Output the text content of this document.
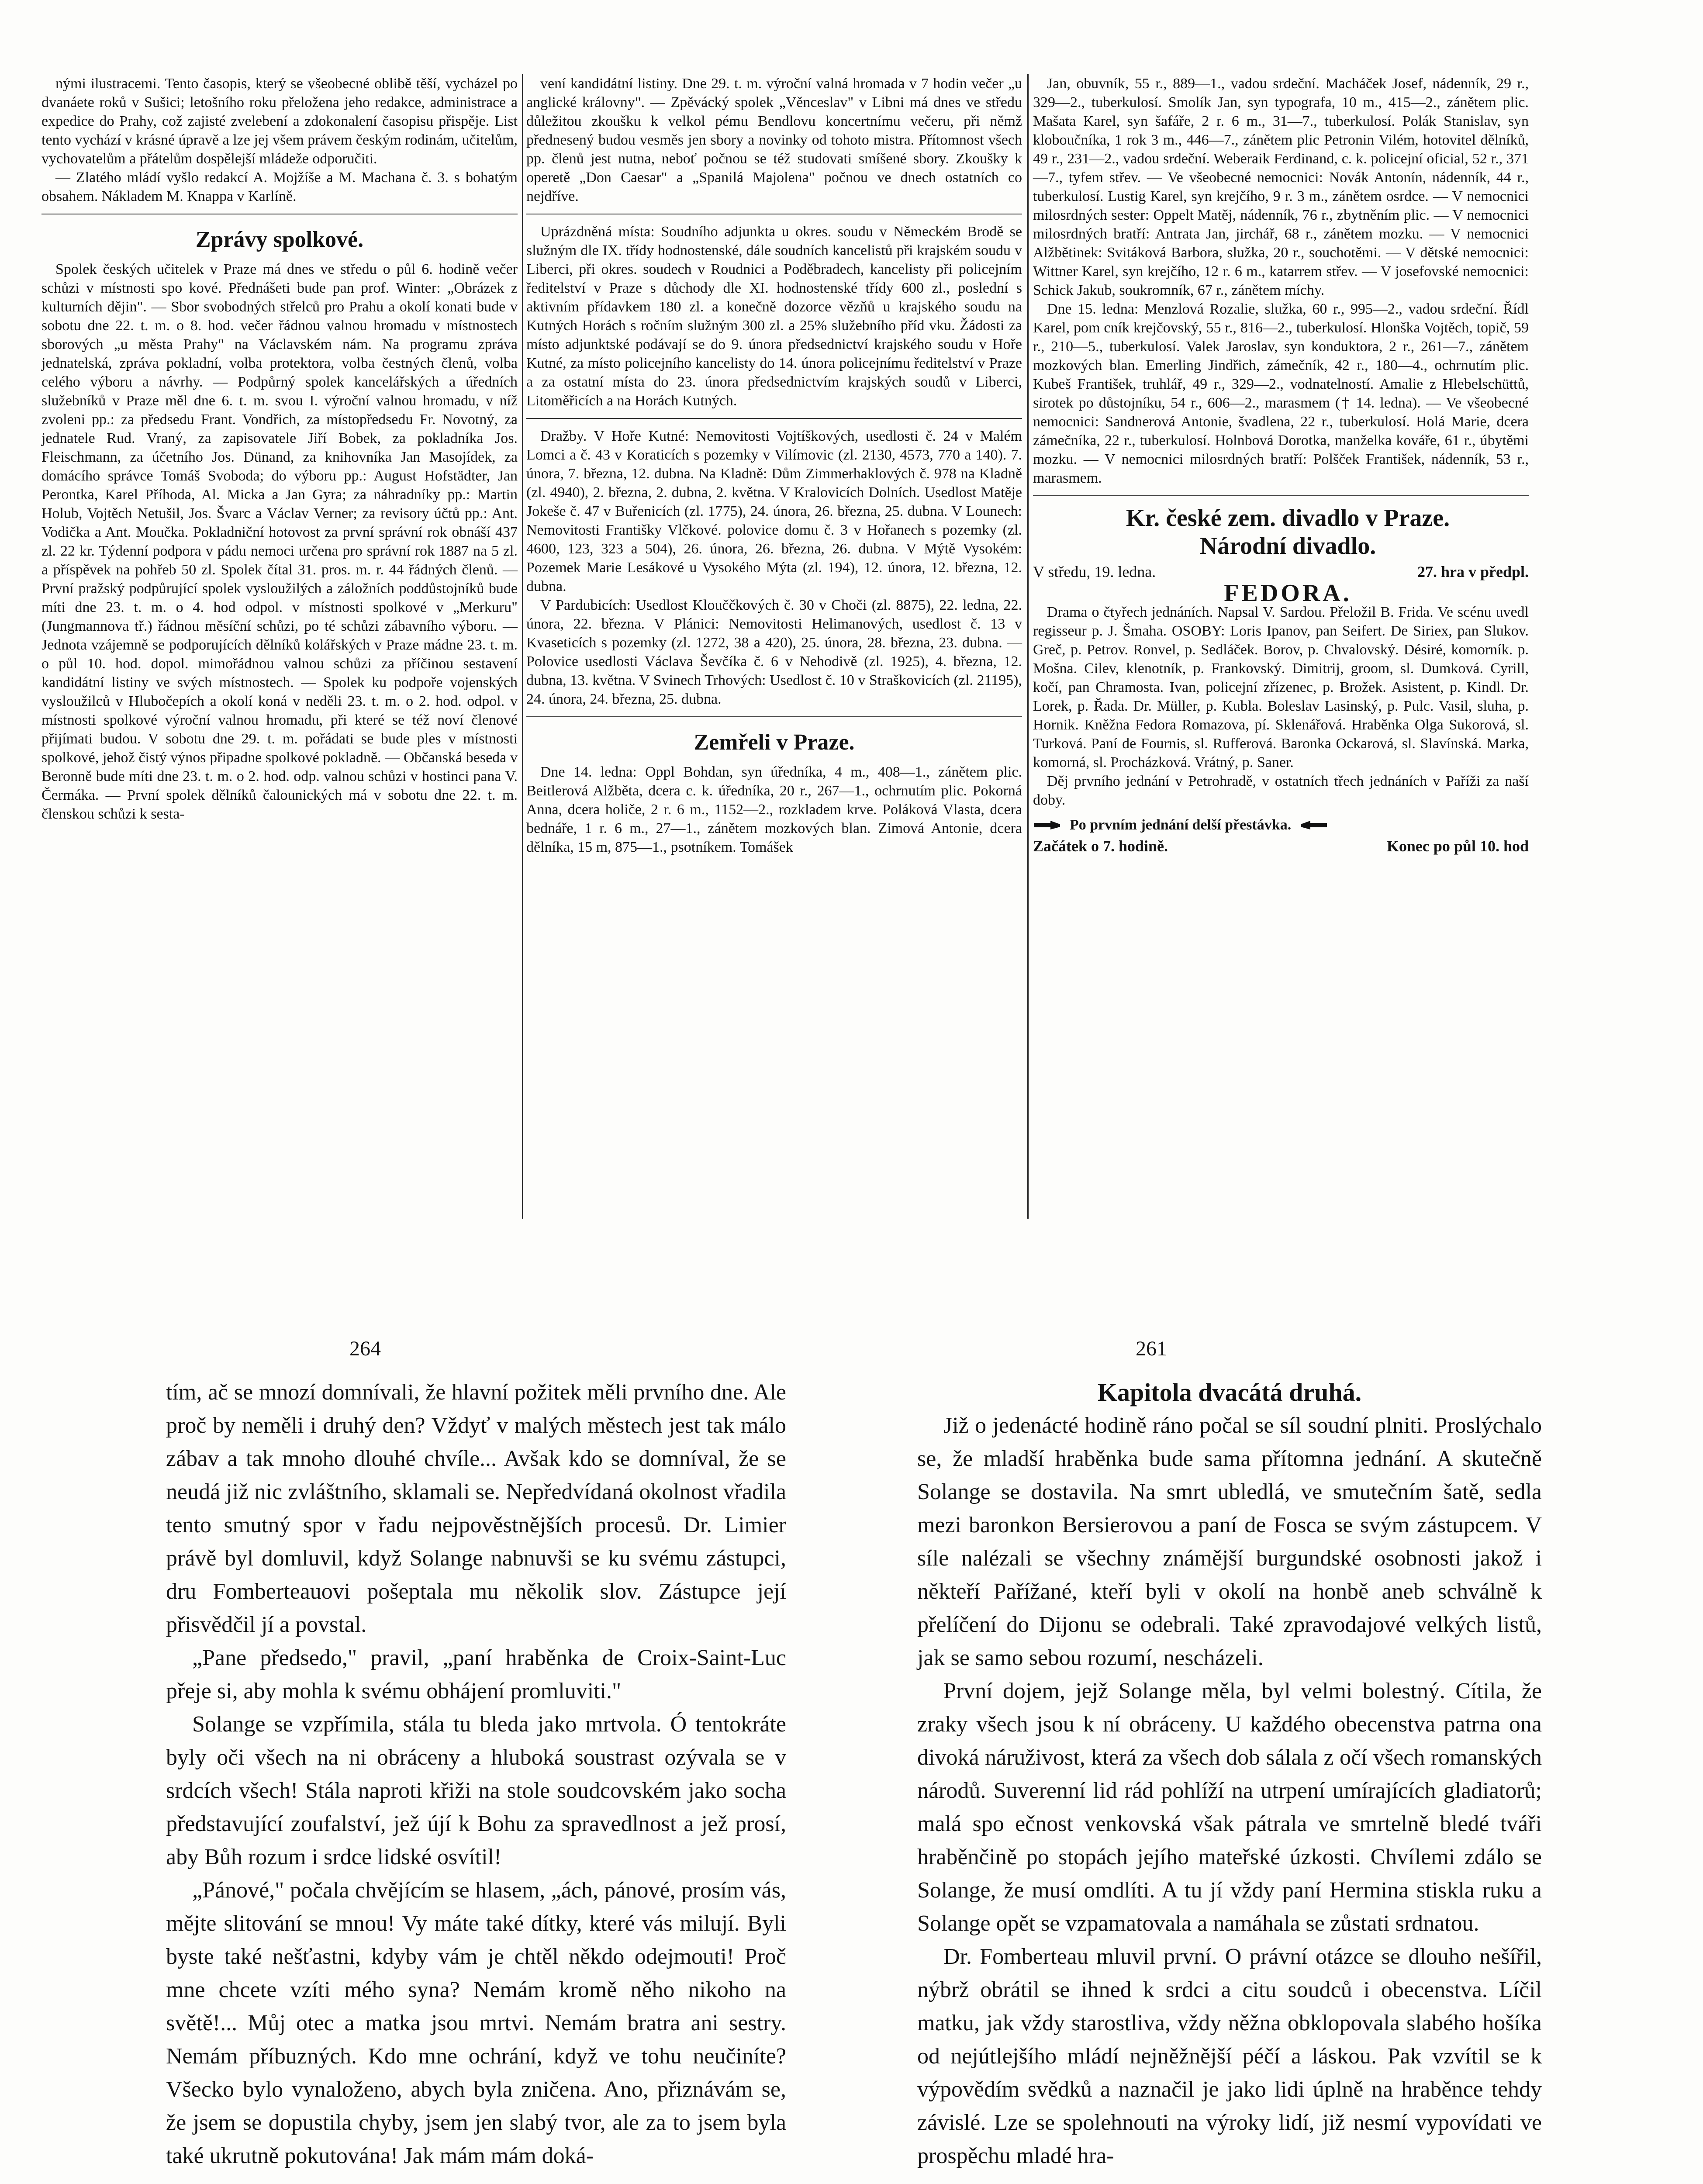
nými ilustracemi. Tento časopis, který se všeobecné oblibě těší, vycházel po dvanáete roků v Sušici; letošního roku přeložena jeho redakce, administrace a expedice do Prahy, což zajisté zvelebení a zdokonalení časopisu přispěje. List tento vychází v krásné úpravě a lze jej všem právem českým rodinám, učitelům, vychovatelům a přátelům dospělejší mládeže odporučiti.

— Zlatého mládí vyšlo redakcí A. Mojžíše a M. Machana č. 3. s bohatým obsahem. Nákladem M. Knappa v Karlíně.

Zprávy spolkové.

Spolek českých učitelek v Praze má dnes ve středu o půl 6. hodině večer schůzi v místnosti spo kové. Přednášeti bude pan prof. Winter: „Obrázek z kulturních dějin". — Sbor svobodných střelců pro Prahu a okolí konati bude v sobotu dne 22. t. m. o 8. hod. večer řádnou valnou hromadu v místnostech sborových „u města Prahy" na Václavském nám. Na programu zpráva jednatelská, zpráva pokladní, volba protektora, volba čestných členů, volba celého výboru a návrhy. — Podpůrný spolek kancelářských a úředních služebníků v Praze měl dne 6. t. m. svou I. výroční valnou hromadu, v níž zvoleni pp.: za předsedu Frant. Vondřich, za místopředsedu Fr. Novotný, za jednatele Rud. Vraný, za zapisovatele Jiří Bobek, za pokladníka Jos. Fleischmann, za účetního Jos. Dünand, za knihovníka Jan Masojídek, za domácího správce Tomáš Svoboda; do výboru pp.: August Hofstädter, Jan Perontka, Karel Příhoda, Al. Micka a Jan Gyra; za náhradníky pp.: Martin Holub, Vojtěch Netušil, Jos. Švarc a Václav Verner; za revisory účtů pp.: Ant. Vodička a Ant. Moučka. Pokladniční hotovost za první správní rok obnáší 437 zl. 22 kr. Týdenní podpora v pádu nemoci určena pro správní rok 1887 na 5 zl. a příspěvek na pohřeb 50 zl. Spolek čítal 31. pros. m. r. 44 řádných členů. — První pražský podpůrující spolek vysloužilých a záložních poddůstojníků bude míti dne 23. t. m. o 4. hod odpol. v místnosti spolkové v „Merkuru" (Jungmannova tř.) řádnou měsíční schůzi, po té schůzi zábavního výboru. — Jednota vzájemně se podporujících dělníků kolářských v Praze mádne 23. t. m. o půl 10. hod. dopol. mimořádnou valnou schůzi za příčinou sestavení kandidátní listiny ve svých místnostech. — Spolek ku podpoře vojenských vysloužilců v Hlubočepích a okolí koná v neděli 23. t. m. o 2. hod. odpol. v místnosti spolkové výroční valnou hromadu, při které se též noví členové přijímati budou. V sobotu dne 29. t. m. pořádati se bude ples v místnosti spolkové, jehož čistý výnos připadne spolkové pokladně. — Občanská beseda v Beronně bude míti dne 23. t. m. o 2. hod. odp. valnou schůzi v hostinci pana V. Čermáka. — První spolek dělníků čalounických má v sobotu dne 22. t. m. členskou schůzi k sesta-

vení kandidátní listiny. Dne 29. t. m. výroční valná hromada v 7 hodin večer „u anglické královny". — Zpěvácký spolek „Věnceslav" v Libni má dnes ve středu důležitou zkoušku k velkol pému Bendlovu koncertnímu večeru, při němž přednesený budou vesměs jen sbory a novinky od tohoto mistra. Přítomnost všech pp. členů jest nutna, neboť počnou se též studovati smíšené sbory. Zkoušky k operetě „Don Caesar" a „Spanilá Majolena" počnou ve dnech ostatních co nejdříve.

Uprázdněná místa: Soudního adjunkta u okres. soudu v Německém Brodě se služným dle IX. třídy hodnostenské, dále soudních kancelistů při krajském soudu v Liberci, při okres. soudech v Roudnici a Poděbradech, kancelisty při policejním ředitelství v Praze s důchody dle XI. hodnostenské třídy 600 zl., poslední s aktivním přídavkem 180 zl. a konečně dozorce vězňů u krajského soudu na Kutných Horách s ročním služným 300 zl. a 25% služebního příd vku. Žádosti za místo adjunktské podávají se do 9. února předsednictví krajského soudu v Hoře Kutné, za místo policejního kancelisty do 14. února policejnímu ředitelství v Praze a za ostatní místa do 23. února předsednictvím krajských soudů v Liberci, Litoměřicích a na Horách Kutných.

Dražby. V Hoře Kutné: Nemovitosti Vojtíškových, usedlosti č. 24 v Malém Lomci a č. 43 v Koraticích s pozemky v Vilímovic (zl. 2130, 4573, 770 a 140). 7. února, 7. března, 12. dubna. Na Kladně: Dům Zimmerhaklových č. 978 na Kladně (zl. 4940), 2. března, 2. dubna, 2. května. V Kralovicích Dolních. Usedlost Matěje Jokeše č. 47 v Buřenicích (zl. 1775), 24. února, 26. března, 25. dubna. V Lounech: Nemovitosti Františky Vlčkové. polovice domu č. 3 v Hořanech s pozemky (zl. 4600, 123, 323 a 504), 26. února, 26. března, 26. dubna. V Mýtě Vysokém: Pozemek Marie Lesákové u Vysokého Mýta (zl. 194), 12. února, 12. března, 12. dubna.

V Pardubicích: Usedlost Klouččkových č. 30 v Choči (zl. 8875), 22. ledna, 22. února, 22. března. V Plánici: Nemovitosti Helimanových, usedlost č. 13 v Kvaseticích s pozemky (zl. 1272, 38 a 420), 25. února, 28. března, 23. dubna. — Polovice usedlosti Václava Ševčíka č. 6 v Nehodivě (zl. 1925), 4. března, 12. dubna, 13. května. V Svinech Trhových: Usedlost č. 10 v Straškovicích (zl. 21195), 24. února, 24. března, 25. dubna.

Zemřeli v Praze.

Dne 14. ledna: Oppl Bohdan, syn úředníka, 4 m., 408—1., zánětem plic. Beitlerová Alžběta, dcera c. k. úředníka, 20 r., 267—1., ochrnutím plic. Pokorná Anna, dcera holiče, 2 r. 6 m., 1152—2., rozkladem krve. Poláková Vlasta, dcera bednáře, 1 r. 6 m., 27—1., zánětem mozkových blan. Zimová Antonie, dcera dělníka, 15 m, 875—1., psotníkem. Tomášek

Jan, obuvník, 55 r., 889—1., vadou srdeční. Macháček Josef, nádenník, 29 r., 329—2., tuberkulosí. Smolík Jan, syn typografa, 10 m., 415—2., zánětem plic. Mašata Karel, syn šafáře, 2 r. 6 m., 31—7., tuberkulosí. Polák Stanislav, syn kloboučníka, 1 rok 3 m., 446—7., zánětem plic Petronin Vilém, hotovitel dělníků, 49 r., 231—2., vadou srdeční. Weberaik Ferdinand, c. k. policejní oficial, 52 r., 371—7., tyfem střev. — Ve všeobecné nemocnici: Novák Antonín, nádenník, 44 r., tuberkulosí. Lustig Karel, syn krejčího, 9 r. 3 m., zánětem osrdce. — V nemocnici milosrdných sester: Oppelt Matěj, nádenník, 76 r., zbytněním plic. — V nemocnici milosrdných bratří: Antrata Jan, jirchář, 68 r., zánětem mozku. — V nemocnici Alžbětinek: Svitáková Barbora, služka, 20 r., souchotěmi. — V dětské nemocnici: Wittner Karel, syn krejčího, 12 r. 6 m., katarrem střev. — V josefovské nemocnici: Schick Jakub, soukromník, 67 r., zánětem míchy.

Dne 15. ledna: Menzlová Rozalie, služka, 60 r., 995—2., vadou srdeční. Řídl Karel, pom cník krejčovský, 55 r., 816—2., tuberkulosí. Hlonška Vojtěch, topič, 59 r., 210—5., tuberkulosí. Valek Jaroslav, syn konduktora, 2 r., 261—7., zánětem mozkových blan. Emerling Jindřich, zámečník, 42 r., 180—4., ochrnutím plic. Kubeš František, truhlář, 49 r., 329—2., vodnatelností. Amalie z Hlebelschüttů, sirotek po důstojníku, 54 r., 606—2., marasmem († 14. ledna). — Ve všeobecné nemocnici: Sandnerová Antonie, švadlena, 22 r., tuberkulosí. Holá Marie, dcera zámečníka, 22 r., tuberkulosí. Holnbová Dorotka, manželka kováře, 61 r., úbytěmi mozku. — V nemocnici milosrdných bratří: Polšček František, nádenník, 53 r., marasmem.

Kr. české zem. divadlo v Praze.

Národní divadlo.

V středu, 19. ledna.	27. hra v předpl.

FEDORA.

Drama o čtyřech jednáních. Napsal V. Sardou. Přeložil B. Frida. Ve scénu uvedl regisseur p. J. Šmaha. OSOBY: Loris Ipanov, pan Seifert. De Siriex, pan Slukov. Greč, p. Petrov. Ronvel, p. Sedláček. Borov, p. Chvalovský. Désiré, komorník. p. Mošna. Cilev, klenotník, p. Frankovský. Dimitrij, groom, sl. Dumková. Cyrill, kočí, pan Chramosta. Ivan, policejní zřízenec, p. Brožek. Asistent, p. Kindl. Dr. Lorek, p. Řada. Dr. Müller, p. Kubla. Boleslav Lasinský, p. Pulc. Vasil, sluha, p. Hornik. Kněžna Fedora Romazova, pí. Sklenářová. Hraběnka Olga Sukorová, sl. Turková. Paní de Fournis, sl. Rufferová. Baronka Ockarová, sl. Slavínská. Marka, komorná, sl. Procházková. Vrátný, p. Saner.

Děj prvního jednání v Petrohradě, v ostatních třech jednáních v Paříži za naší doby.

Po prvním jednání delší přestávka.
Začátek o 7. hodině.	Konec po půl 10. hod
264	261

tím, ač se mnozí domnívali, že hlavní požitek měli prvního dne. Ale proč by neměli i druhý den? Vždyť v malých městech jest tak málo zábav a tak mnoho dlouhé chvíle... Avšak kdo se domníval, že se neudá již nic zvláštního, sklamali se. Nepředvídaná okolnost vřadila tento smutný spor v řadu nejpověstnějších procesů. Dr. Limier právě byl domluvil, když Solange nabnuvši se ku svému zástupci, dru Fomberteauovi pošeptala mu několik slov. Zástupce její přisvědčil jí a povstal.

„Pane předsedo," pravil, „paní hraběnka de Croix-Saint-Luc přeje si, aby mohla k svému obhájení promluviti."

Solange se vzpřímila, stála tu bleda jako mrtvola. Ó tentokráte byly oči všech na ni obráceny a hluboká soustrast ozývala se v srdcích všech! Stála naproti křiži na stole soudcovském jako socha představující zoufalství, jež újí k Bohu za spravedlnost a jež prosí, aby Bůh rozum i srdce lidské osvítil!

„Pánové," počala chvějícím se hlasem, „ách, pánové, prosím vás, mějte slitování se mnou! Vy máte také dítky, které vás milují. Byli byste také nešťastni, kdyby vám je chtěl někdo odejmouti! Proč mne chcete vzíti mého syna? Nemám kromě něho nikoho na světě!... Můj otec a matka jsou mrtvi. Nemám bratra ani sestry. Nemám příbuzných. Kdo mne ochrání, když ve tohu neučiníte? Všecko bylo vynaloženo, abych byla zničena. Ano, přiznávám se, že jsem se dopustila chyby, jsem jen slabý tvor, ale za to jsem byla také ukrutně pokutována! Jak mám mám doká-

Kapitola dvacátá druhá.

Již o jedenácté hodině ráno počal se síl soudní plniti. Proslýchalo se, že mladší hraběnka bude sama přítomna jednání. A skutečně Solange se dostavila. Na smrt ubledlá, ve smutečním šatě, sedla mezi baronkon Bersierovou a paní de Fosca se svým zástupcem. V síle nalézali se všechny známější burgundské osobnosti jakož i někteří Pařížané, kteří byli v okolí na honbě aneb schválně k přelíčení do Dijonu se odebrali. Také zpravodajové velkých listů, jak se samo sebou rozumí, nescházeli.

První dojem, jejž Solange měla, byl velmi bolestný. Cítila, že zraky všech jsou k ní obráceny. U každého obecenstva patrna ona divoká náruživost, která za všech dob sálala z očí všech romanských národů. Suverenní lid rád pohlíží na utrpení umírajících gladiatorů; malá spo ečnost venkovská však pátrala ve smrtelně bledé tváři hraběnčině po stopách jejího mateřské úzkosti. Chvílemi zdálo se Solange, že musí omdlíti. A tu jí vždy paní Hermina stiskla ruku a Solange opět se vzpamatovala a namáhala se zůstati srdnatou.

Dr. Fomberteau mluvil první. O právní otázce se dlouho nešířil, nýbrž obrátil se ihned k srdci a citu soudců i obecenstva. Líčil matku, jak vždy starostliva, vždy něžna obklopovala slabého hošíka od nejútlejšího mládí nejněžnější péčí a láskou. Pak vzvítil se k výpovědím svědků a naznačil je jako lidi úplně na hraběnce tehdy závislé. Lze se spolehnouti na výroky lidí, již nesmí vypovídati ve prospěchu mladé hra-
